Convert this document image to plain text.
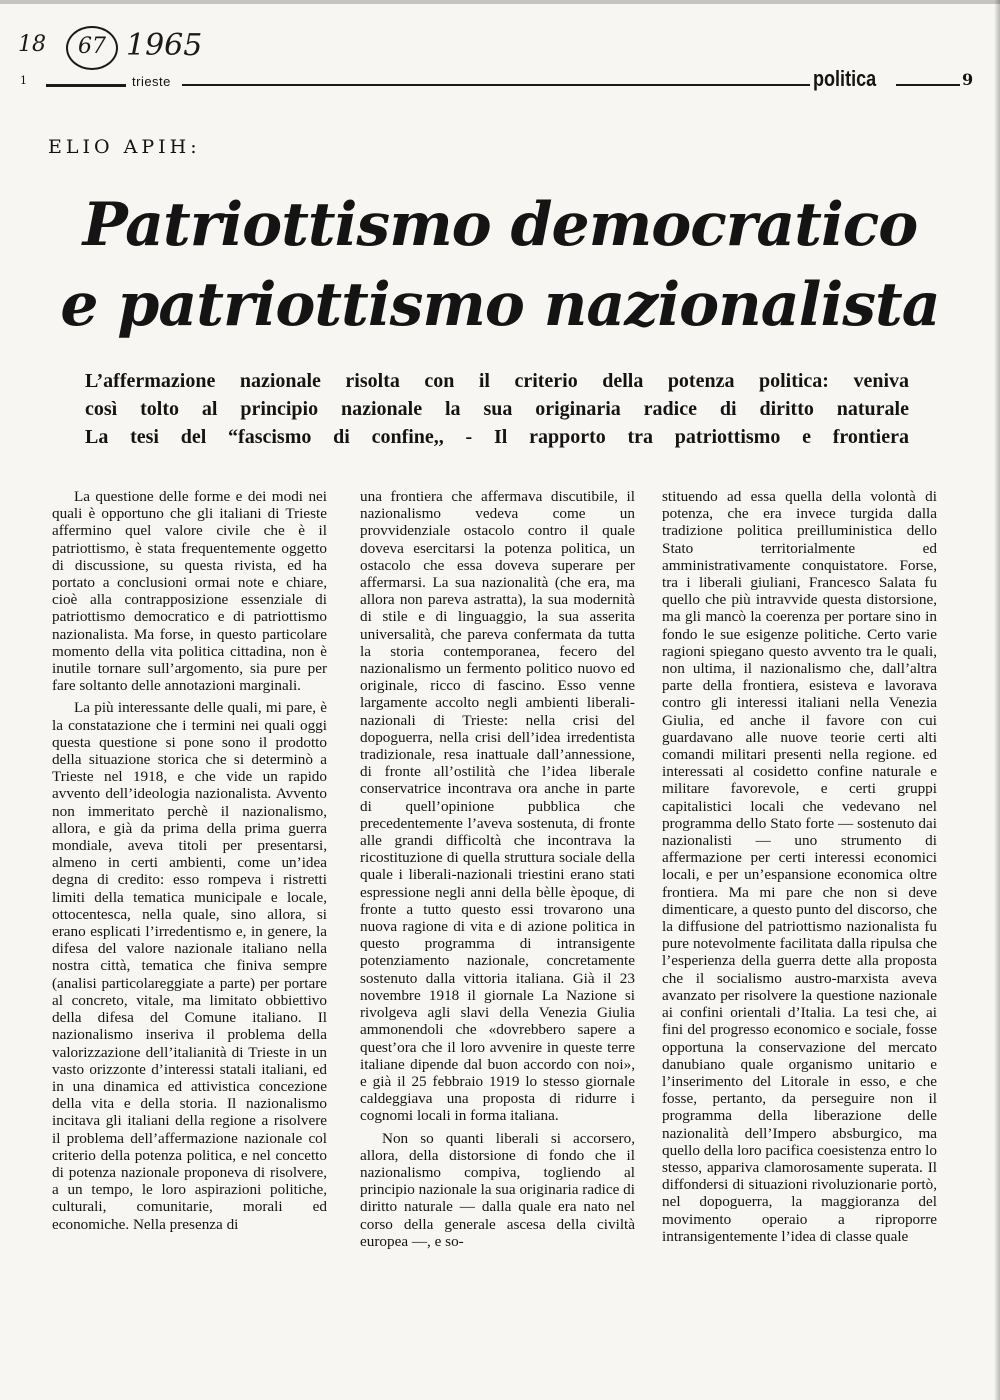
18	67 1965
1	trieste	politica	9
ELIO APIH:
Patriottismo democratico
e patriottismo nazionalista
L’affermazione nazionale risolta con il criterio della potenza politica: veniva
così tolto al principio nazionale la sua originaria radice di diritto naturale
La tesi del “fascismo di confine,, - Il rapporto tra patriottismo e frontiera

La questione delle forme e dei modi nei quali è opportuno che gli italiani di Trieste affermino quel valore civile che è il patriottismo, è stata frequentemente oggetto di discussione, su questa rivista, ed ha portato a conclusioni ormai note e chiare, cioè alla contrapposizione essenziale di patriottismo democratico e di patriottismo nazionalista. Ma forse, in questo particolare momento della vita politica cittadina, non è inutile tornare sull’argomento, sia pure per fare soltanto delle annotazioni marginali.

La più interessante delle quali, mi pare, è la constatazione che i termini nei quali oggi questa questione si pone sono il prodotto della situazione storica che si determinò a Trieste nel 1918, e che vide un rapido avvento dell’ideologia nazionalista. Avvento non immeritato perchè il nazionalismo, allora, e già da prima della prima guerra mondiale, aveva titoli per presentarsi, almeno in certi ambienti, come un’idea degna di credito: esso rompeva i ristretti limiti della tematica municipale e locale, ottocentesca, nella quale, sino allora, si erano esplicati l’irredentismo e, in genere, la difesa del valore nazionale italiano nella nostra città, tematica che finiva sempre (analisi particolareggiate a parte) per portare al concreto, vitale, ma limitato obbiettivo della difesa del Comune italiano. Il nazionalismo inseriva il problema della valorizzazione dell’italianità di Trieste in un vasto orizzonte d’interessi statali italiani, ed in una dinamica ed attivistica concezione della vita e della storia. Il nazionalismo incitava gli italiani della regione a risolvere il problema dell’affermazione nazionale col criterio della potenza politica, e nel concetto di potenza nazionale proponeva di risolvere, a un tempo, le loro aspirazioni politiche, culturali, comunitarie, morali ed economiche. Nella presenza di

una frontiera che affermava discutibile, il nazionalismo vedeva come un provvidenziale ostacolo contro il quale doveva esercitarsi la potenza politica, un ostacolo che essa doveva superare per affermarsi. La sua nazionalità (che era, ma allora non pareva astratta), la sua modernità di stile e di linguaggio, la sua asserita universalità, che pareva confermata da tutta la storia contemporanea, fecero del nazionalismo un fermento politico nuovo ed originale, ricco di fascino. Esso venne largamente accolto negli ambienti liberali-nazionali di Trieste: nella crisi del dopoguerra, nella crisi dell’idea irredentista tradizionale, resa inattuale dall’annessione, di fronte all’ostilità che l’idea liberale conservatrice incontrava ora anche in parte di quell’opinione pubblica che precedentemente l’aveva sostenuta, di fronte alle grandi difficoltà che incontrava la ricostituzione di quella struttura sociale della quale i liberali-nazionali triestini erano stati espressione negli anni della bèlle èpoque, di fronte a tutto questo essi trovarono una nuova ragione di vita e di azione politica in questo programma di intransigente potenziamento nazionale, concretamente sostenuto dalla vittoria italiana. Già il 23 novembre 1918 il giornale La Nazione si rivolgeva agli slavi della Venezia Giulia ammonendoli che «dovrebbero sapere a quest’ora che il loro avvenire in queste terre italiane dipende dal buon accordo con noi», e già il 25 febbraio 1919 lo stesso giornale caldeggiava una proposta di ridurre i cognomi locali in forma italiana.

Non so quanti liberali si accorsero, allora, della distorsione di fondo che il nazionalismo compiva, togliendo al principio nazionale la sua originaria radice di diritto naturale — dalla quale era nato nel corso della generale ascesa della civiltà europea —, e so-

stituendo ad essa quella della volontà di potenza, che era invece turgida dalla tradizione politica preilluministica dello Stato territorialmente ed amministrativamente conquistatore. Forse, tra i liberali giuliani, Francesco Salata fu quello che più intravvide questa distorsione, ma gli mancò la coerenza per portare sino in fondo le sue esigenze politiche. Certo varie ragioni spiegano questo avvento tra le quali, non ultima, il nazionalismo che, dall’altra parte della frontiera, esisteva e lavorava contro gli interessi italiani nella Venezia Giulia, ed anche il favore con cui guardavano alle nuove teorie certi alti comandi militari presenti nella regione. ed interessati al cosidetto confine naturale e militare favorevole, e certi gruppi capitalistici locali che vedevano nel programma dello Stato forte — sostenuto dai nazionalisti — uno strumento di affermazione per certi interessi economici locali, e per un’espansione economica oltre frontiera. Ma mi pare che non si deve dimenticare, a questo punto del discorso, che la diffusione del patriottismo nazionalista fu pure notevolmente facilitata dalla ripulsa che l’esperienza della guerra dette alla proposta che il socialismo austro-marxista aveva avanzato per risolvere la questione nazionale ai confini orientali d’Italia. La tesi che, ai fini del progresso economico e sociale, fosse opportuna la conservazione del mercato danubiano quale organismo unitario e l’inserimento del Litorale in esso, e che fosse, pertanto, da perseguire non il programma della liberazione delle nazionalità dell’Impero absburgico, ma quello della loro pacifica coesistenza entro lo stesso, appariva clamorosamente superata. Il diffondersi di situazioni rivoluzionarie portò, nel dopoguerra, la maggioranza del movimento operaio a riproporre intransigentemente l’idea di classe quale
